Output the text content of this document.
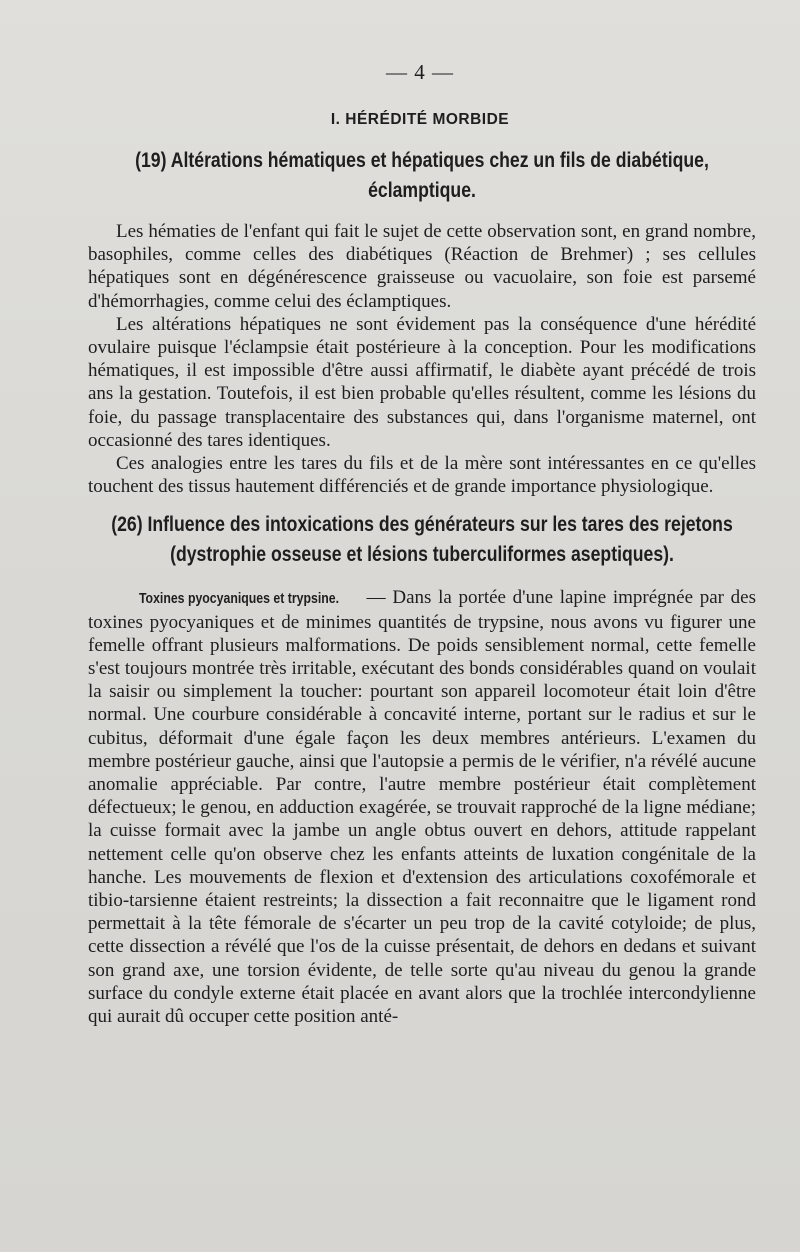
— 4 —
I. HÉRÉDITÉ MORBIDE
(19) Altérations hématiques et hépatiques chez un fils de diabétique, éclamptique.

Les hématies de l'enfant qui fait le sujet de cette observation sont, en grand nombre, basophiles, comme celles des diabétiques (Réaction de Brehmer) ; ses cellules hépatiques sont en dégénérescence graisseuse ou vacuolaire, son foie est parsemé d'hémorrhagies, comme celui des éclamptiques.

Les altérations hépatiques ne sont évidement pas la conséquence d'une hérédité ovulaire puisque l'éclampsie était postérieure à la conception. Pour les modifications hématiques, il est impossible d'être aussi affirmatif, le diabète ayant précédé de trois ans la gestation. Toutefois, il est bien probable qu'elles résultent, comme les lésions du foie, du passage transplacentaire des substances qui, dans l'organisme maternel, ont occasionné des tares identiques.

Ces analogies entre les tares du fils et de la mère sont intéressantes en ce qu'elles touchent des tissus hautement différenciés et de grande importance physiologique.

(26) Influence des intoxications des générateurs sur les tares des rejetons (dystrophie osseuse et lésions tuberculiformes aseptiques).

Toxines pyocyaniques et trypsine. — Dans la portée d'une lapine imprégnée par des toxines pyocyaniques et de minimes quantités de trypsine, nous avons vu figurer une femelle offrant plusieurs malformations. De poids sensiblement normal, cette femelle s'est toujours montrée très irritable, exécutant des bonds considérables quand on voulait la saisir ou simplement la toucher: pourtant son appareil locomoteur était loin d'être normal. Une courbure considérable à concavité interne, portant sur le radius et sur le cubitus, déformait d'une égale façon les deux membres antérieurs. L'examen du membre postérieur gauche, ainsi que l'autopsie a permis de le vérifier, n'a révélé aucune anomalie appréciable. Par contre, l'autre membre postérieur était complètement défectueux; le genou, en adduction exagérée, se trouvait rapproché de la ligne médiane; la cuisse formait avec la jambe un angle obtus ouvert en dehors, attitude rappelant nettement celle qu'on observe chez les enfants atteints de luxation congénitale de la hanche. Les mouvements de flexion et d'extension des articulations coxofémorale et tibio-tarsienne étaient restreints; la dissection a fait reconnaitre que le ligament rond permettait à la tête fémorale de s'écarter un peu trop de la cavité cotyloide; de plus, cette dissection a révélé que l'os de la cuisse présentait, de dehors en dedans et suivant son grand axe, une torsion évidente, de telle sorte qu'au niveau du genou la grande surface du condyle externe était placée en avant alors que la trochlée intercondylienne qui aurait dû occuper cette position anté-
